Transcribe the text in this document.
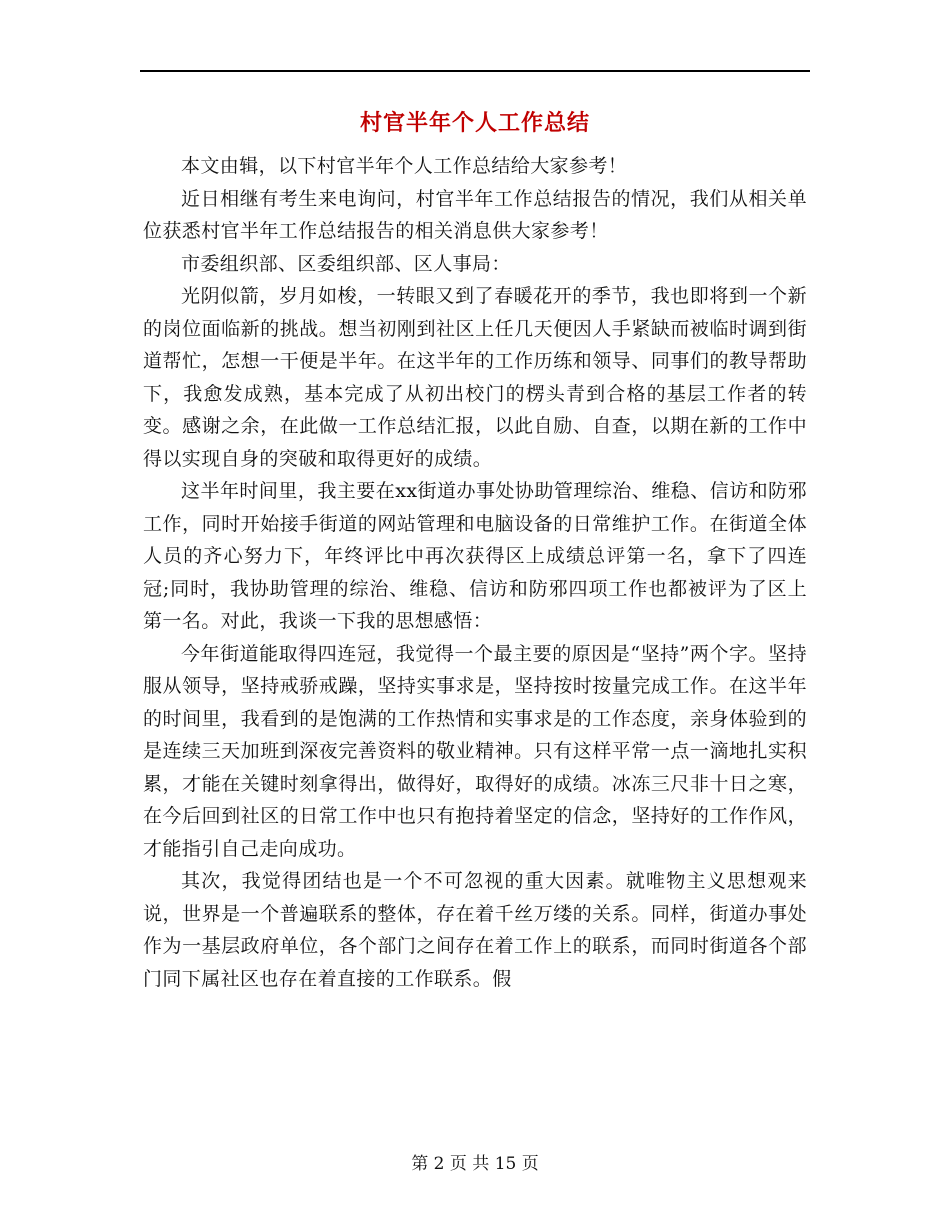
村官半年个人工作总结

本文由辑，以下村官半年个人工作总结给大家参考！

近日相继有考生来电询问，村官半年工作总结报告的情况，我们从相关单位获悉村官半年工作总结报告的相关消息供大家参考！

市委组织部、区委组织部、区人事局：

光阴似箭，岁月如梭，一转眼又到了春暖花开的季节，我也即将到一个新的岗位面临新的挑战。想当初刚到社区上任几天便因人手紧缺而被临时调到街道帮忙，怎想一干便是半年。在这半年的工作历练和领导、同事们的教导帮助下，我愈发成熟，基本完成了从初出校门的楞头青到合格的基层工作者的转变。感谢之余，在此做一工作总结汇报，以此自励、自查，以期在新的工作中得以实现自身的突破和取得更好的成绩。

这半年时间里，我主要在xx街道办事处协助管理综治、维稳、信访和防邪工作，同时开始接手街道的网站管理和电脑设备的日常维护工作。在街道全体人员的齐心努力下，年终评比中再次获得区上成绩总评第一名，拿下了四连冠;同时，我协助管理的综治、维稳、信访和防邪四项工作也都被评为了区上第一名。对此，我谈一下我的思想感悟：

今年街道能取得四连冠，我觉得一个最主要的原因是“坚持”两个字。坚持服从领导，坚持戒骄戒躁，坚持实事求是，坚持按时按量完成工作。在这半年的时间里，我看到的是饱满的工作热情和实事求是的工作态度，亲身体验到的是连续三天加班到深夜完善资料的敬业精神。只有这样平常一点一滴地扎实积累，才能在关键时刻拿得出，做得好，取得好的成绩。冰冻三尺非十日之寒，在今后回到社区的日常工作中也只有抱持着坚定的信念，坚持好的工作作风，才能指引自己走向成功。

其次，我觉得团结也是一个不可忽视的重大因素。就唯物主义思想观来说，世界是一个普遍联系的整体，存在着千丝万缕的关系。同样，街道办事处作为一基层政府单位，各个部门之间存在着工作上的联系，而同时街道各个部门同下属社区也存在着直接的工作联系。假

第 2 页 共 15 页
